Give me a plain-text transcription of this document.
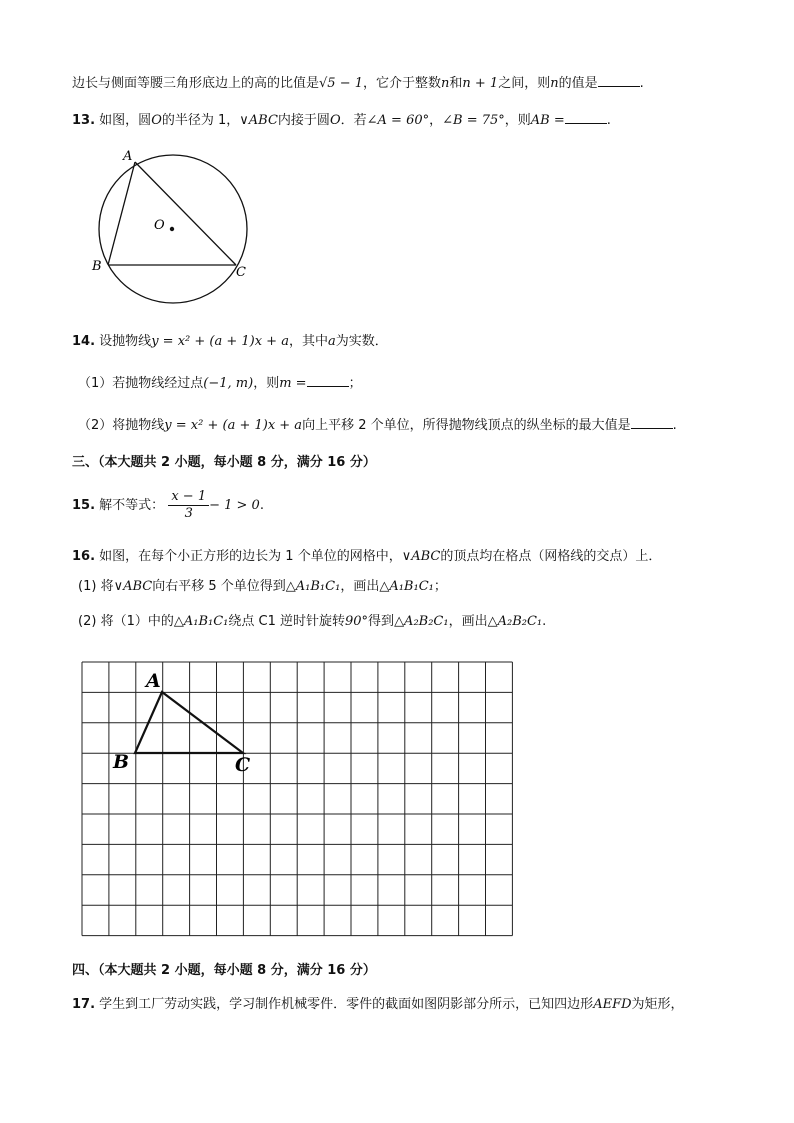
边长与侧面等腰三角形底边上的高的比值是√5 − 1，它介于整数n和n + 1之间，则n的值是	.
13. 如图，圆O的半径为 1，∨ABC内接于圆O．若∠A = 60°，∠B = 75°，则AB =	.
A
B	C
O
14. 设抛物线y = x² + (a + 1)x + a，其中a为实数．
（1）若抛物线经过点(−1, m)，则m =	；
（2）将抛物线y = x² + (a + 1)x + a向上平移 2 个单位，所得抛物线顶点的纵坐标的最大值是	.
三、（本大题共 2 小题，每小题 8 分，满分 16 分）
15. 解不等式： $\frac{x - 1}{3} - 1 > 0$.
16. 如图，在每个小正方形的边长为 1 个单位的网格中，∨ABC的顶点均在格点（网格线的交点）上．
(1) 将∨ABC向右平移 5 个单位得到△A₁B₁C₁，画出△A₁B₁C₁；
(2) 将（1）中的△A₁B₁C₁绕点 C1 逆时针旋转90°得到△A₂B₂C₁，画出△A₂B₂C₁.
A
B	C
四、（本大题共 2 小题，每小题 8 分，满分 16 分）
17. 学生到工厂劳动实践，学习制作机械零件．零件的截面如图阴影部分所示，已知四边形AEFD为矩形，
